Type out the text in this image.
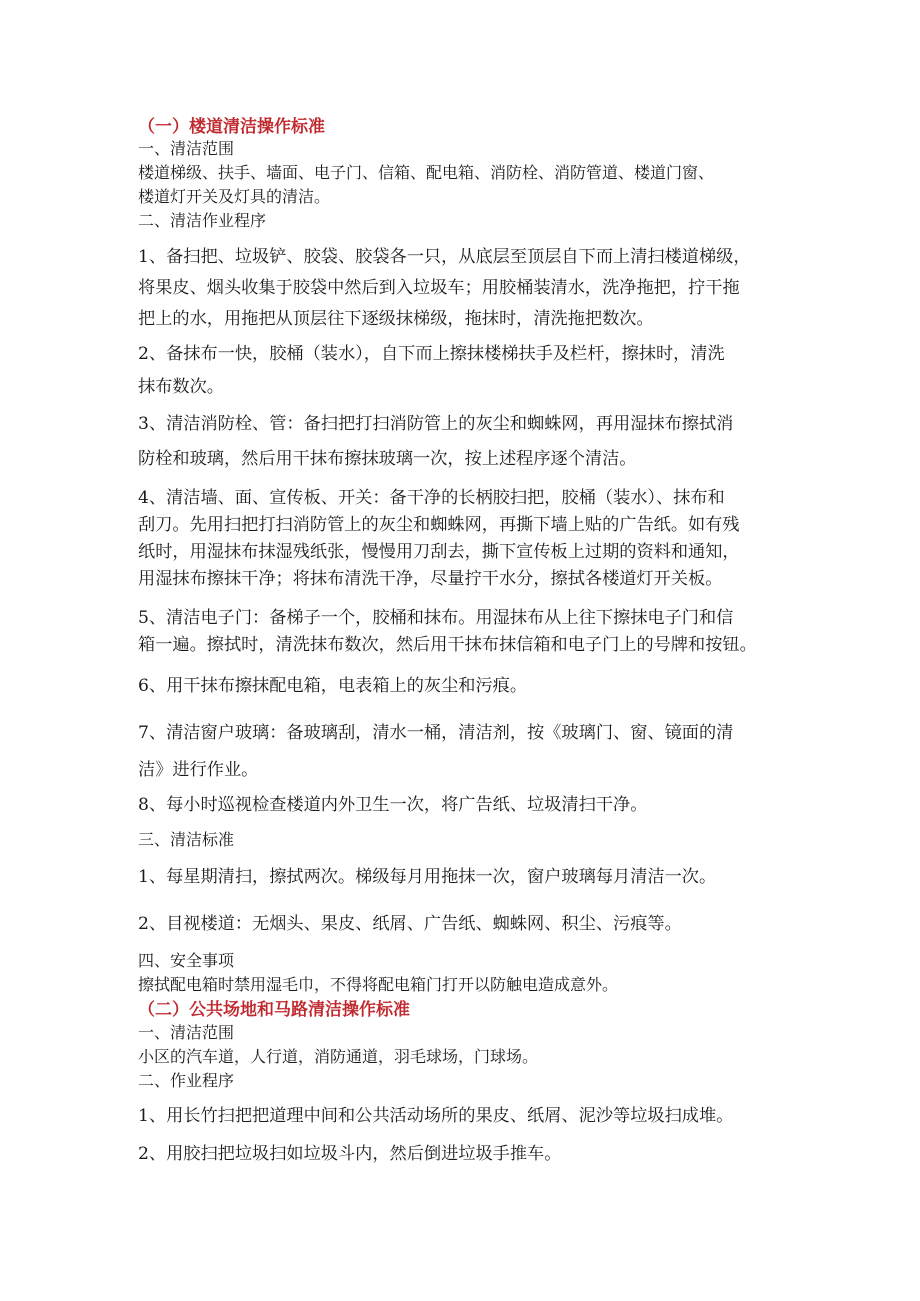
（一）楼道清洁操作标准
一、清洁范围
楼道梯级、扶手、墙面、电子门、信箱、配电箱、消防栓、消防管道、楼道门窗、
楼道灯开关及灯具的清洁。
二、清洁作业程序
1、备扫把、垃圾铲、胶袋、胶袋各一只，从底层至顶层自下而上清扫楼道梯级，
将果皮、烟头收集于胶袋中然后到入垃圾车；用胶桶装清水，洗净拖把，拧干拖
把上的水，用拖把从顶层往下逐级抹梯级，拖抹时，清洗拖把数次。
2、备抹布一快，胶桶（装水），自下而上擦抹楼梯扶手及栏杆，擦抹时，清洗
抹布数次。
3、清洁消防栓、管：备扫把打扫消防管上的灰尘和蜘蛛网，再用湿抹布擦拭消
防栓和玻璃，然后用干抹布擦抹玻璃一次，按上述程序逐个清洁。
4、清洁墙、面、宣传板、开关：备干净的长柄胶扫把，胶桶（装水）、抹布和
刮刀。先用扫把打扫消防管上的灰尘和蜘蛛网，再撕下墙上贴的广告纸。如有残
纸时，用湿抹布抹湿残纸张，慢慢用刀刮去，撕下宣传板上过期的资料和通知，
用湿抹布擦抹干净；将抹布清洗干净，尽量拧干水分，擦拭各楼道灯开关板。
5、清洁电子门：备梯子一个，胶桶和抹布。用湿抹布从上往下擦抹电子门和信
箱一遍。擦拭时，清洗抹布数次，然后用干抹布抹信箱和电子门上的号牌和按钮。
6、用干抹布擦抹配电箱，电表箱上的灰尘和污痕。
7、清洁窗户玻璃：备玻璃刮，清水一桶，清洁剂，按《玻璃门、窗、镜面的清
洁》进行作业。
8、每小时巡视检查楼道内外卫生一次，将广告纸、垃圾清扫干净。
三、清洁标准
1、每星期清扫，擦拭两次。梯级每月用拖抹一次，窗户玻璃每月清洁一次。
2、目视楼道：无烟头、果皮、纸屑、广告纸、蜘蛛网、积尘、污痕等。
四、安全事项
擦拭配电箱时禁用湿毛巾，不得将配电箱门打开以防触电造成意外。
（二）公共场地和马路清洁操作标准
一、清洁范围
小区的汽车道，人行道，消防通道，羽毛球场，门球场。
二、作业程序
1、用长竹扫把把道理中间和公共活动场所的果皮、纸屑、泥沙等垃圾扫成堆。
2、用胶扫把垃圾扫如垃圾斗内，然后倒进垃圾手推车。
